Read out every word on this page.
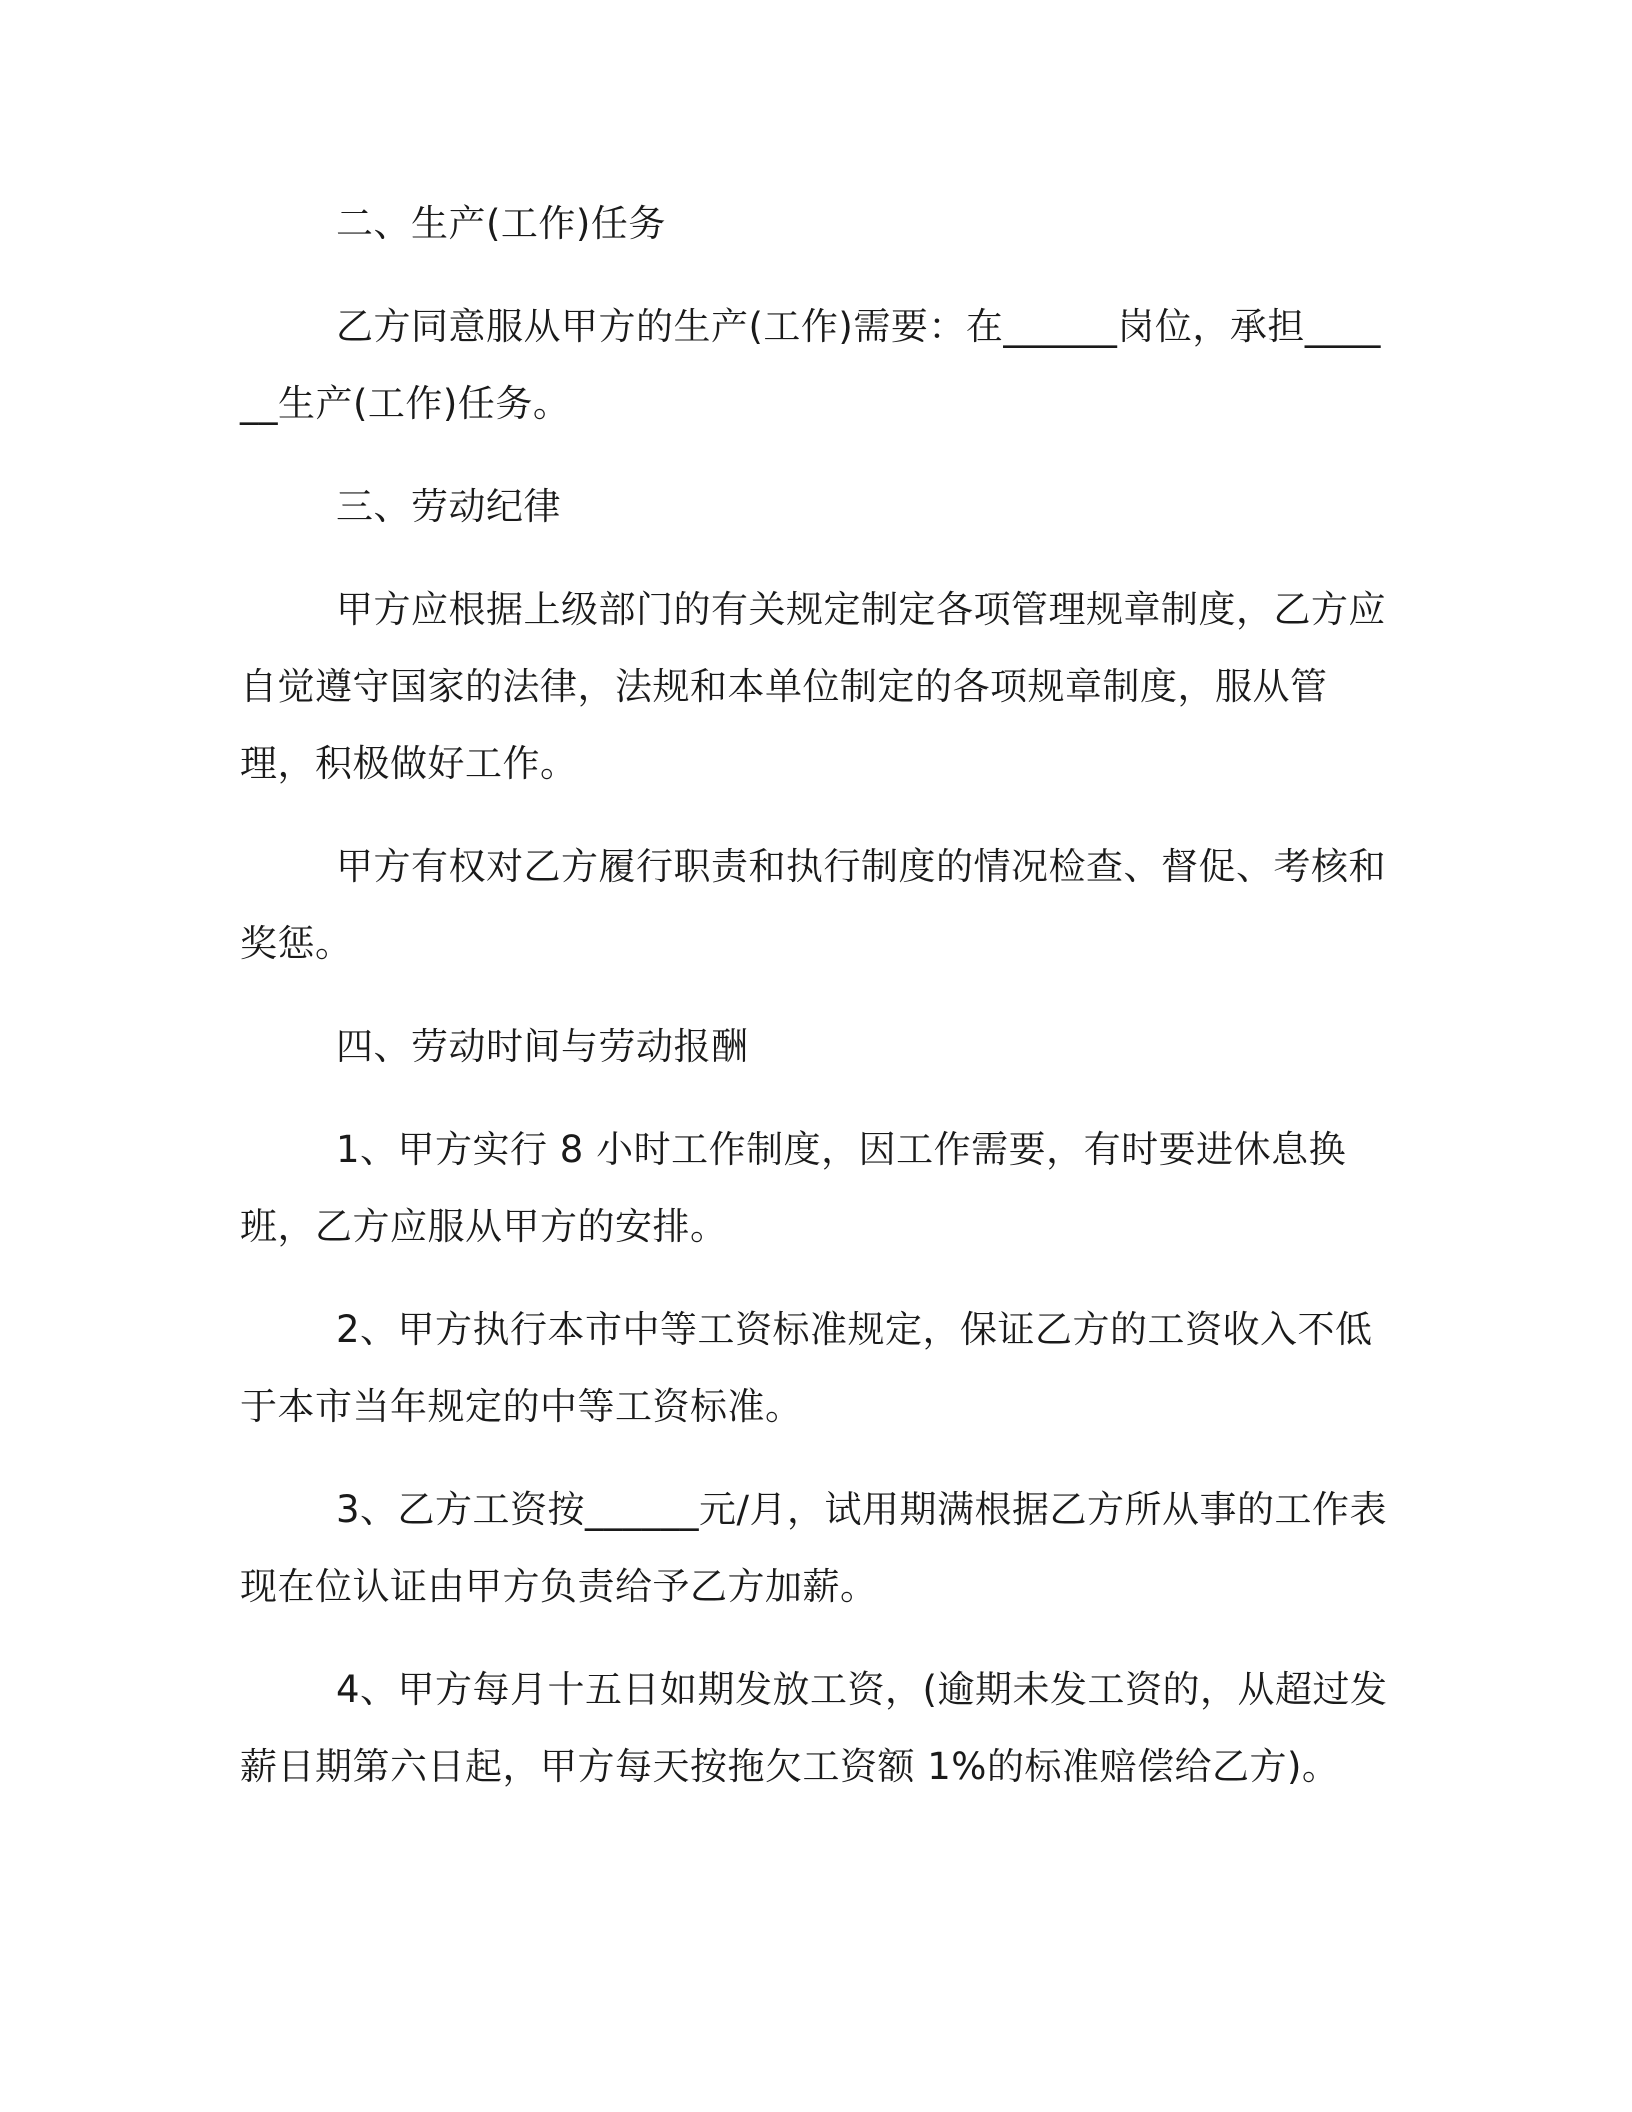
二、生产(工作)任务

乙方同意服从甲方的生产(工作)需要：在______岗位，承担______生产(工作)任务。

三、劳动纪律

甲方应根据上级部门的有关规定制定各项管理规章制度，乙方应自觉遵守国家的法律，法规和本单位制定的各项规章制度，服从管理，积极做好工作。

甲方有权对乙方履行职责和执行制度的情况检查、督促、考核和奖惩。

四、劳动时间与劳动报酬

1、甲方实行 8 小时工作制度，因工作需要，有时要进休息换班，乙方应服从甲方的安排。

2、甲方执行本市中等工资标准规定，保证乙方的工资收入不低于本市当年规定的中等工资标准。

3、乙方工资按______元/月，试用期满根据乙方所从事的工作表现在位认证由甲方负责给予乙方加薪。

4、甲方每月十五日如期发放工资，(逾期未发工资的，从超过发薪日期第六日起，甲方每天按拖欠工资额 1%的标准赔偿给乙方)。
